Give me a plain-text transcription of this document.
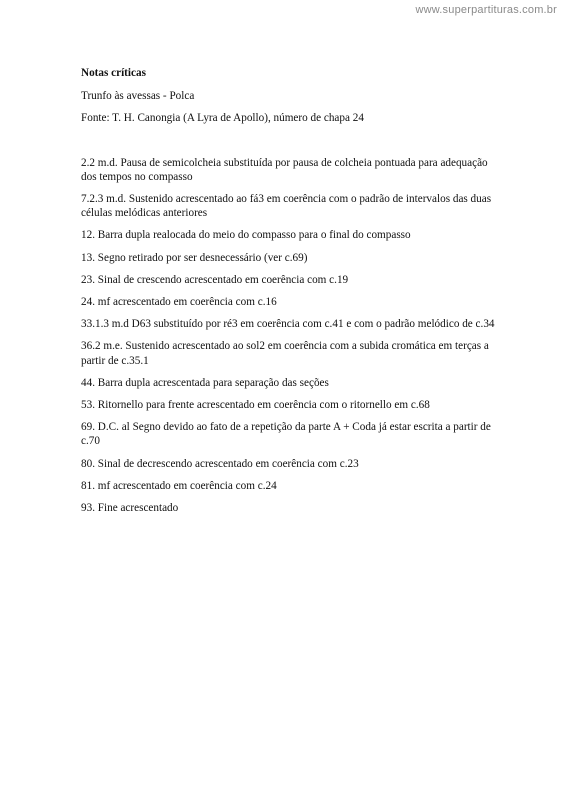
www.superpartituras.com.br
Notas críticas
Trunfo às avessas - Polca
Fonte: T. H. Canongia (A Lyra de Apollo), número de chapa 24
2.2 m.d. Pausa de semicolcheia substituída por pausa de colcheia pontuada para adequação dos tempos no compasso
7.2.3 m.d. Sustenido acrescentado ao fá3 em coerência com o padrão de intervalos das duas células melódicas anteriores
12. Barra dupla realocada do meio do compasso para o final do compasso
13. Segno retirado por ser desnecessário (ver c.69)
23. Sinal de crescendo acrescentado em coerência com c.19
24. mf acrescentado em coerência com c.16
33.1.3 m.d D63 substituído por ré3 em coerência com c.41 e com o padrão melódico de c.34
36.2 m.e. Sustenido acrescentado ao sol2 em coerência com a subida cromática em terças a partir de c.35.1
44. Barra dupla acrescentada para separação das seções
53. Ritornello para frente acrescentado em coerência com o ritornello em c.68
69. D.C. al Segno devido ao fato de a repetição da parte A + Coda já estar escrita a partir de c.70
80. Sinal de decrescendo acrescentado em coerência com c.23
81. mf acrescentado em coerência com c.24
93. Fine acrescentado
